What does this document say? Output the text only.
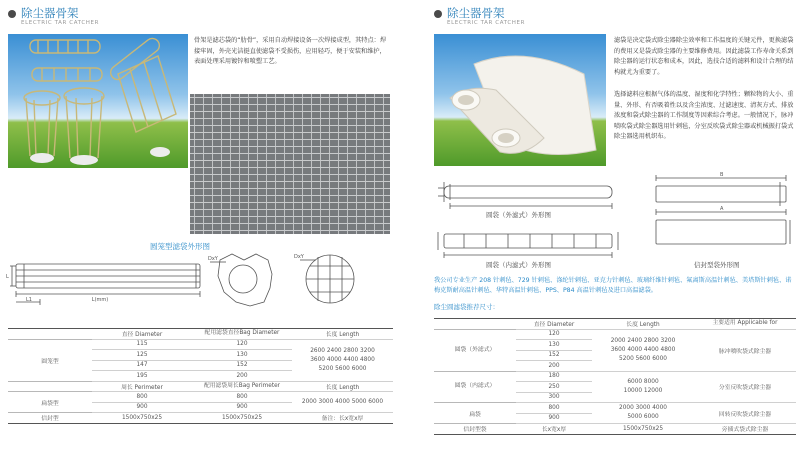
除尘器骨架
ELECTRIC TAR CATCHER
骨架是滤芯袋的“肋骨”，采用自动焊接设备一次焊接成型，其特点：焊接牢固，外壳光洁挺直使滤袋不受损伤，应用轻巧，便于安装和维护，表面处理采用镀锌和喷塑工艺。
圆笼型滤袋外形图
L(mm)
L1
L
DxY	DxY
	直径 Diameter	配用滤袋直径Bag Diameter	长度 Length
圆笼型	115	120	2600 2400 2800 3200
3600 4000 4400 4800
5200 5600 6000

	125	130	
	147	152	
	195	200	
	周长 Perimeter	配用滤袋周长Bag Perimeter	长度 Length
扁袋型	800	800	2000 3000 4000 5000 6000
	900	900	
信封型	1500x750x25	1500x750x25	备注：长x宽x厚
除尘器骨架
ELECTRIC TAR CATCHER
滤袋是决定袋式除尘器除尘效率和工作温度的关键元件，更换滤袋的费用又是袋式除尘器的主要维修费用。因此滤袋工作寿命关系到除尘器的运行状态和成本，因此，选技合适的滤料和设计合理的结构就尤为重要了。
选择滤料应根据气体的温度、湿度和化学特性；颗粒物的大小、重量、外形、有否吸着性以及含尘浓度、过滤速度、清灰方式、排放浓度和袋式除尘器的工作制度等因素综合考虑。一般情况下，脉冲喷吹袋式除尘器选用针刺毡，分室反吹袋式除尘器或机械振打袋式除尘器选用机织布。
圆袋（外滤式）外形图
圆袋（内滤式）外形图
B
A
信封型袋外形图
我公司专业生产 208 针刺毡、729 针刺毡、涤纶针刺毡、亚克力针刺毡、玻璃纤维针刺毡、氟离斯高温针刺毡、美塔斯针刺毡、诺梅克斯耐高温针刺毡、华特高温针刺毡、PPS、P84 高温针刺毡及进口高温滤袋。
除尘圆滤袋推荐尺寸：
	直径 Diameter	长度 Length	主要适用 Applicable for
圆袋（外滤式）	120	2000 2400 2800 3200
3600 4000 4400 4800
5200 5600 6000	脉冲喷吹袋式除尘器
	130		
	152		
	200		
圆袋（内滤式）	180	6000 8000
10000 12000	分室反吹袋式除尘器
	250		
	300		
扁袋	800	2000 3000 4000
5000 6000	回转反吹袋式除尘器
	900		
信封型袋	长x宽x厚	1500x750x25	旁插式袋式除尘器
